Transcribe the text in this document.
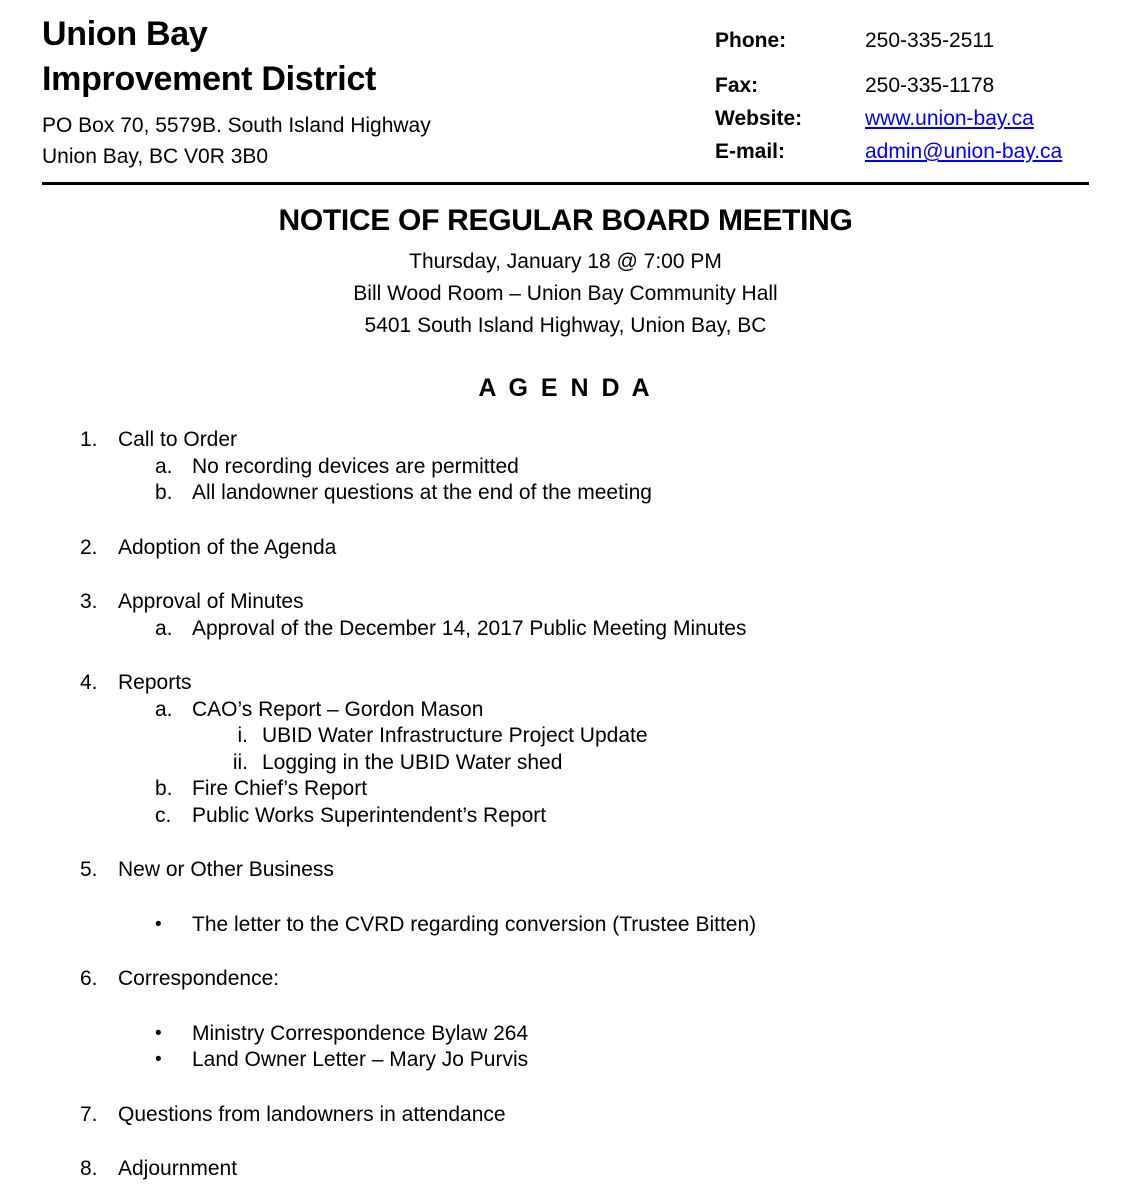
Union Bay
Improvement District
PO Box 70, 5579B. South Island Highway
Union Bay, BC V0R 3B0
Phone:	250-335-2511
Fax:	250-335-1178
Website:	www.union-bay.ca
E-mail:	admin@union-bay.ca
NOTICE OF REGULAR BOARD MEETING
Thursday, January 18 @ 7:00 PM
Bill Wood Room – Union Bay Community Hall
5401 South Island Highway, Union Bay, BC
A G E N D A
1. Call to Order
a. No recording devices are permitted
b. All landowner questions at the end of the meeting
2. Adoption of the Agenda
3. Approval of Minutes
a. Approval of the December 14, 2017 Public Meeting Minutes
4. Reports
a. CAO’s Report – Gordon Mason
i. UBID Water Infrastructure Project Update
ii. Logging in the UBID Water shed
b. Fire Chief’s Report
c. Public Works Superintendent’s Report
5. New or Other Business
•	The letter to the CVRD regarding conversion (Trustee Bitten)
6. Correspondence:
•	Ministry Correspondence Bylaw 264
•	Land Owner Letter – Mary Jo Purvis
7. Questions from landowners in attendance
8. Adjournment
